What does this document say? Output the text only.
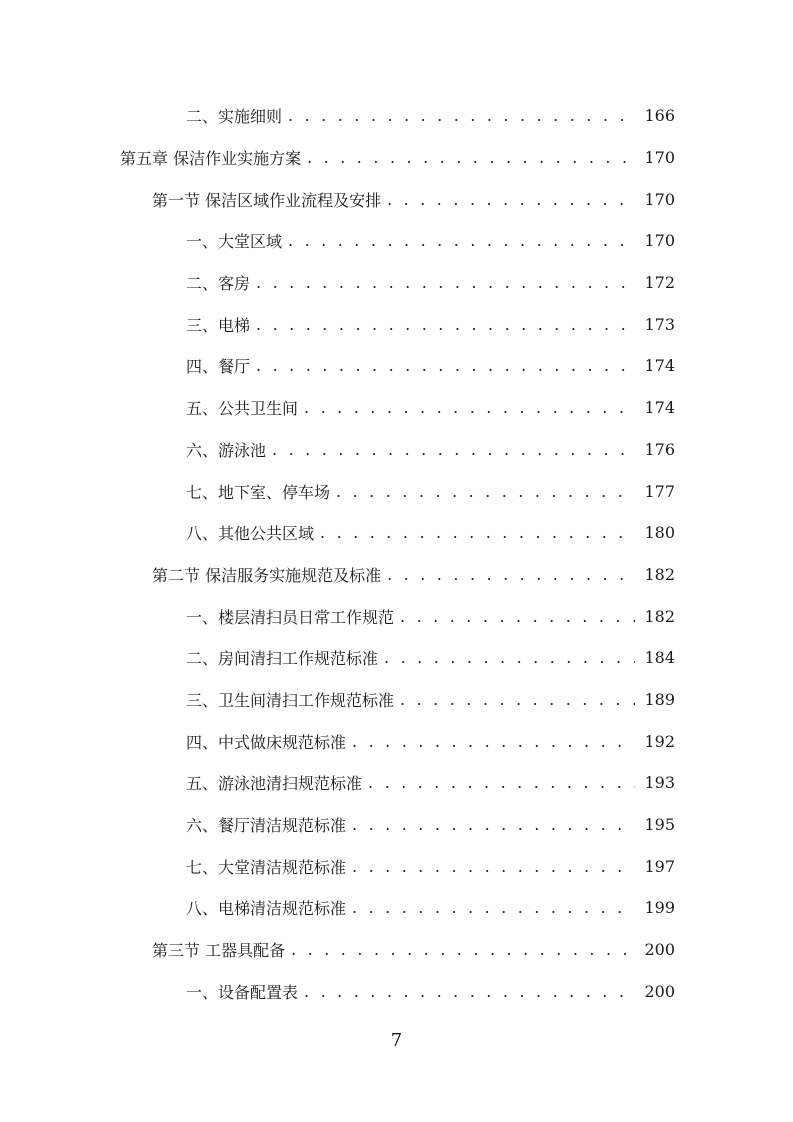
二、实施细则 . . .	166
第五章 保洁作业实施方案 . . .	170
第一节 保洁区域作业流程及安排 . . .	170
一、大堂区域 . . .	170
二、客房 . . .	172
三、电梯 . . .	173
四、餐厅 . . .	174
五、公共卫生间 . . .	174
六、游泳池 . . .	176
七、地下室、停车场 . . .	177
八、其他公共区域 . . .	180
第二节 保洁服务实施规范及标准 . . .	182
一、楼层清扫员日常工作规范 . . .	182
二、房间清扫工作规范标准 . . .	184
三、卫生间清扫工作规范标准 . . .	189
四、中式做床规范标准 . . .	192
五、游泳池清扫规范标准 . . .	193
六、餐厅清洁规范标准 . . .	195
七、大堂清洁规范标准 . . .	197
八、电梯清洁规范标准 . . .	199
第三节 工器具配备 . . .	200
一、设备配置表 . . .	200
7
